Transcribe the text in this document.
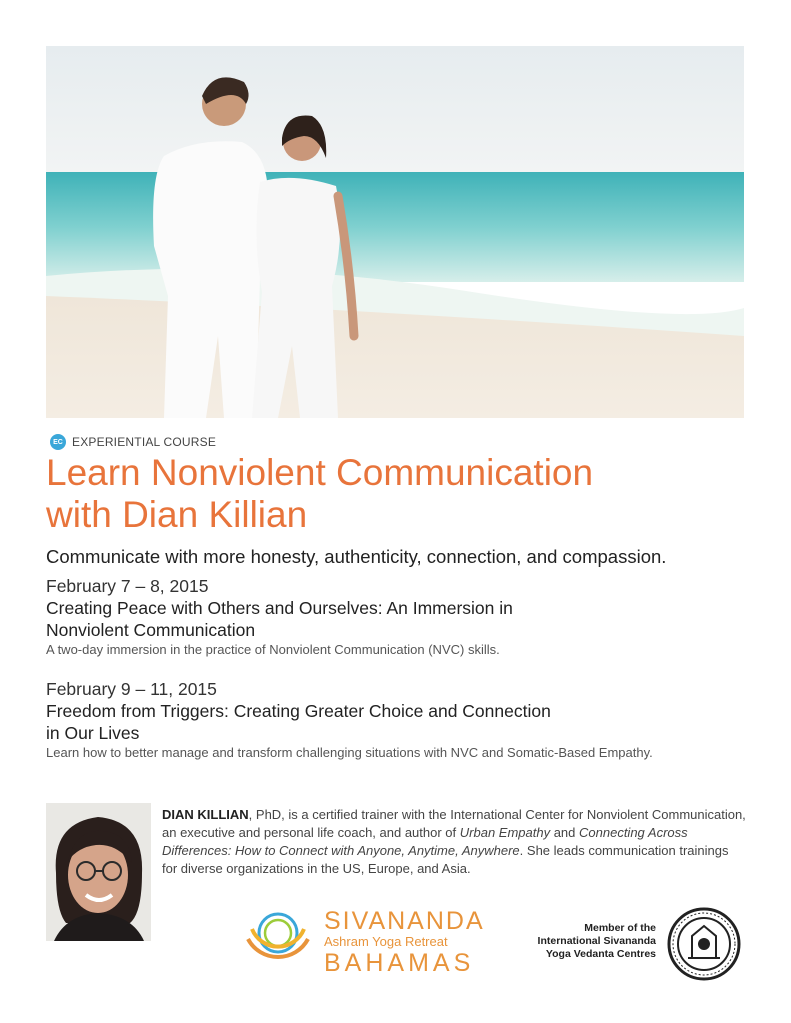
EC EXPERIENTIAL COURSE
Learn Nonviolent Communication
with Dian Killian
Communicate with more honesty, authenticity, connection, and compassion.

February 7 – 8, 2015

Creating Peace with Others and Ourselves: An Immersion in
Nonviolent Communication

A two-day immersion in the practice of Nonviolent Communication (NVC) skills.

February 9 – 11, 2015

Freedom from Triggers: Creating Greater Choice and Connection
in Our Lives

Learn how to better manage and transform challenging situations with NVC and Somatic-Based Empathy.

DIAN KILLIAN, PhD, is a certified trainer with the International Center for Nonviolent Communication, an executive and personal life coach, and author of Urban Empathy and Connecting Across Differences: How to Connect with Anyone, Anytime, Anywhere. She leads communication trainings for diverse organizations in the US, Europe, and Asia.

SIVANANDA
Ashram Yoga Retreat
BAHAMAS
Member of the
International Sivananda
Yoga Vedanta Centres
